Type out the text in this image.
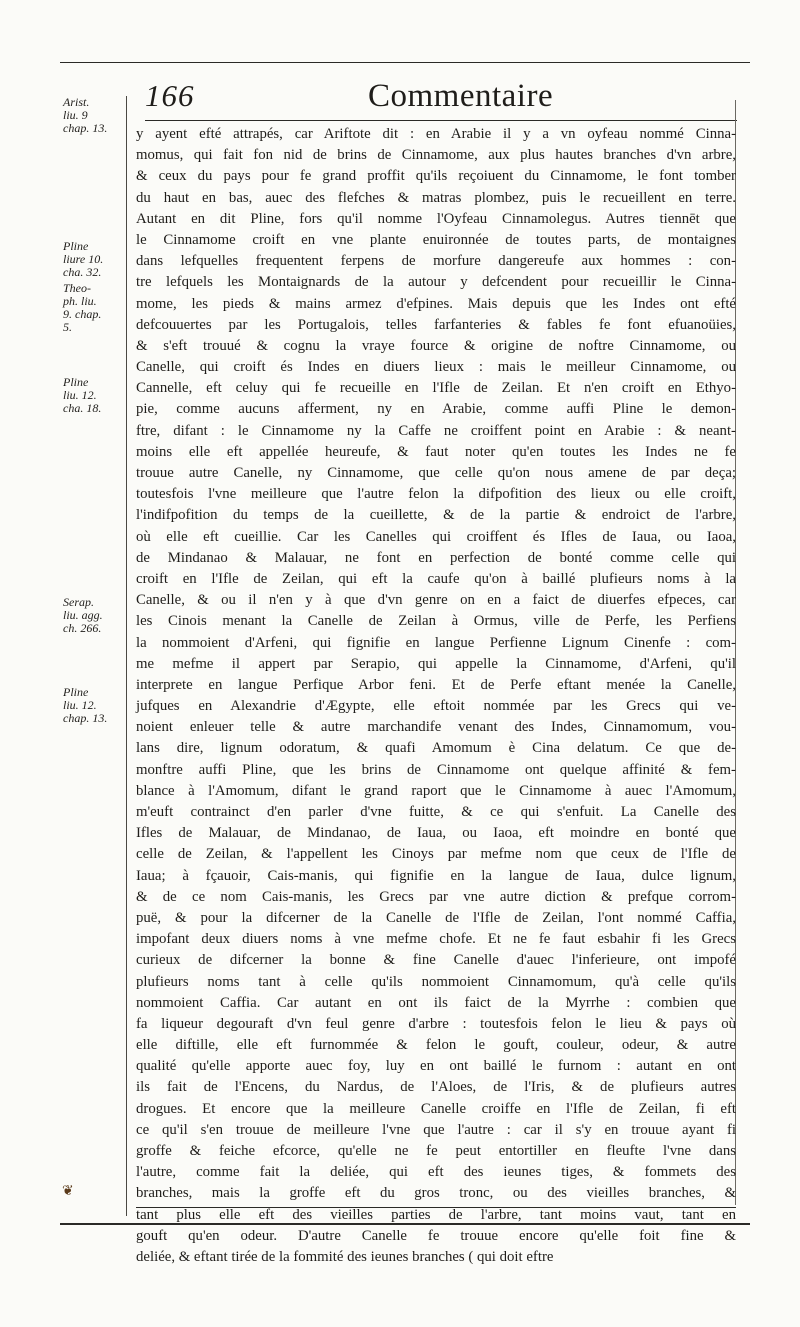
166	Commentaire
Arist.
liu. 9
chap. 13.
Pline
liure 10.
cha. 32.
Theo-
ph. liu.
9. chap.
5.
Pline
liu. 12.
cha. 18.
Serap.
liu. agg.
ch. 266.
Pline
liu. 12.
chap. 13.
y ayent efté attrapés, car Ariftote dit : en Arabie il y a vn oyfeau nommé Cinna-
momus, qui fait fon nid de brins de Cinnamome, aux plus hautes branches d'vn arbre,
& ceux du pays pour fe grand proffit qu'ils reçoiuent du Cinnamome, le font tomber
du haut en bas, auec des flefches & matras plombez, puis le recueillent en terre.
Autant en dit Pline, fors qu'il nomme l'Oyfeau Cinnamolegus. Autres tiennēt que
le Cinnamome croift en vne plante enuironnée de toutes parts, de montaignes
dans lefquelles frequentent ferpens de morfure dangereufe aux hommes : con-
tre lefquels les Montaignards de la autour y defcendent pour recueillir le Cinna-
mome, les pieds & mains armez d'efpines. Mais depuis que les Indes ont efté
defcouuertes par les Portugalois, telles farfanteries & fables fe font efuanoüies,
& s'eft trouué & cognu la vraye fource & origine de noftre Cinnamome, ou
Canelle, qui croift és Indes en diuers lieux : mais le meilleur Cinnamome, ou
Cannelle, eft celuy qui fe recueille en l'Ifle de Zeilan. Et n'en croift en Ethyo-
pie, comme aucuns afferment, ny en Arabie, comme auffi Pline le demon-
ftre, difant : le Cinnamome ny la Caffe ne croiffent point en Arabie : & neant-
moins elle eft appellée heureufe, & faut noter qu'en toutes les Indes ne fe
trouue autre Canelle, ny Cinnamome, que celle qu'on nous amene de par deça;
toutesfois l'vne meilleure que l'autre felon la difpofition des lieux ou elle croift,
l'indifpofition du temps de la cueillette, & de la partie & endroict de l'arbre,
où elle eft cueillie. Car les Canelles qui croiffent és Ifles de Iaua, ou Iaoa,
de Mindanao & Malauar, ne font en perfection de bonté comme celle qui
croift en l'Ifle de Zeilan, qui eft la caufe qu'on à baillé plufieurs noms à la
Canelle, & ou il n'en y à que d'vn genre on en a faict de diuerfes efpeces, car
les Cinois menant la Canelle de Zeilan à Ormus, ville de Perfe, les Perfiens
la nommoient d'Arfeni, qui fignifie en langue Perfienne Lignum Cinenfe : com-
me mefme il appert par Serapio, qui appelle la Cinnamome, d'Arfeni, qu'il
interprete en langue Perfique Arbor feni. Et de Perfe eftant menée la Canelle,
jufques en Alexandrie d'Ægypte, elle eftoit nommée par les Grecs qui ve-
noient enleuer telle & autre marchandife venant des Indes, Cinnamomum, vou-
lans dire, lignum odoratum, & quafi Amomum è Cina delatum. Ce que de-
monftre auffi Pline, que les brins de Cinnamome ont quelque affinité & fem-
blance à l'Amomum, difant le grand raport que le Cinnamome à auec l'Amomum,
m'euft contrainct d'en parler d'vne fuitte, & ce qui s'enfuit. La Canelle des
Ifles de Malauar, de Mindanao, de Iaua, ou Iaoa, eft moindre en bonté que
celle de Zeilan, & l'appellent les Cinoys par mefme nom que ceux de l'Ifle de
Iaua; à fçauoir, Cais-manis, qui fignifie en la langue de Iaua, dulce lignum,
& de ce nom Cais-manis, les Grecs par vne autre diction & prefque corrom-
puë, & pour la difcerner de la Canelle de l'Ifle de Zeilan, l'ont nommé Caffia,
impofant deux diuers noms à vne mefme chofe. Et ne fe faut esbahir fi les Grecs
curieux de difcerner la bonne & fine Canelle d'auec l'inferieure, ont impofé
plufieurs noms tant à celle qu'ils nommoient Cinnamomum, qu'à celle qu'ils
nommoient Caffia. Car autant en ont ils faict de la Myrrhe : combien que
fa liqueur degouraft d'vn feul genre d'arbre : toutesfois felon le lieu & pays où
elle diftille, elle eft furnommée & felon le gouft, couleur, odeur, & autre
qualité qu'elle apporte auec foy, luy en ont baillé le furnom : autant en ont
ils fait de l'Encens, du Nardus, de l'Aloes, de l'Iris, & de plufieurs autres
drogues. Et encore que la meilleure Canelle croiffe en l'Ifle de Zeilan, fi eft
ce qu'il s'en trouue de meilleure l'vne que l'autre : car il s'y en trouue ayant fi
groffe & feiche efcorce, qu'elle ne fe peut entortiller en fleufte l'vne dans
l'autre, comme fait la deliée, qui eft des ieunes tiges, & fommets des
branches, mais la groffe eft du gros tronc, ou des vieilles branches, &
tant plus elle eft des vieilles parties de l'arbre, tant moins vaut, tant en
gouft qu'en odeur. D'autre Canelle fe trouue encore qu'elle foit fine &
deliée, & eftant tirée de la fommité des ieunes branches ( qui doit eftre
❦
